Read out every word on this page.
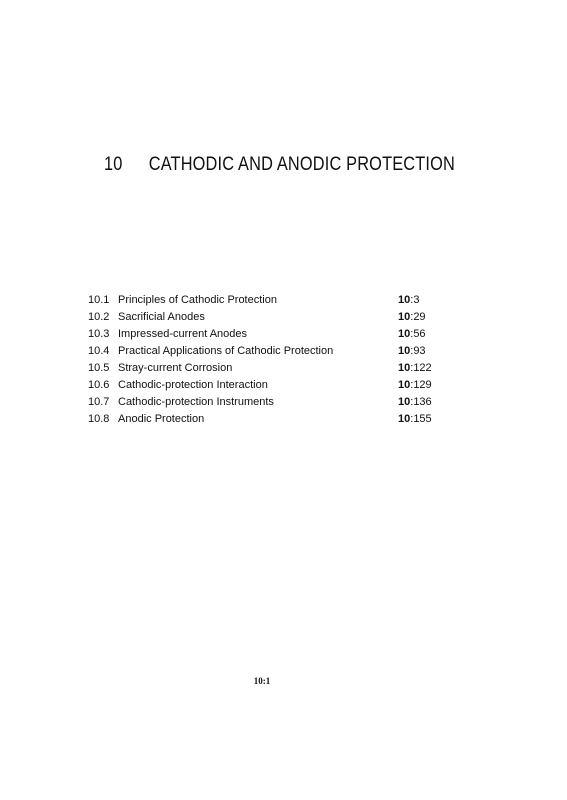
10	CATHODIC AND ANODIC PROTECTION
10.1 Principles of Cathodic Protection	10:3
10.2 Sacrificial Anodes	10:29
10.3 Impressed-current Anodes	10:56
10.4 Practical Applications of Cathodic Protection	10:93
10.5 Stray-current Corrosion	10:122
10.6 Cathodic-protection Interaction	10:129
10.7 Cathodic-protection Instruments	10:136
10.8 Anodic Protection	10:155
10:1
